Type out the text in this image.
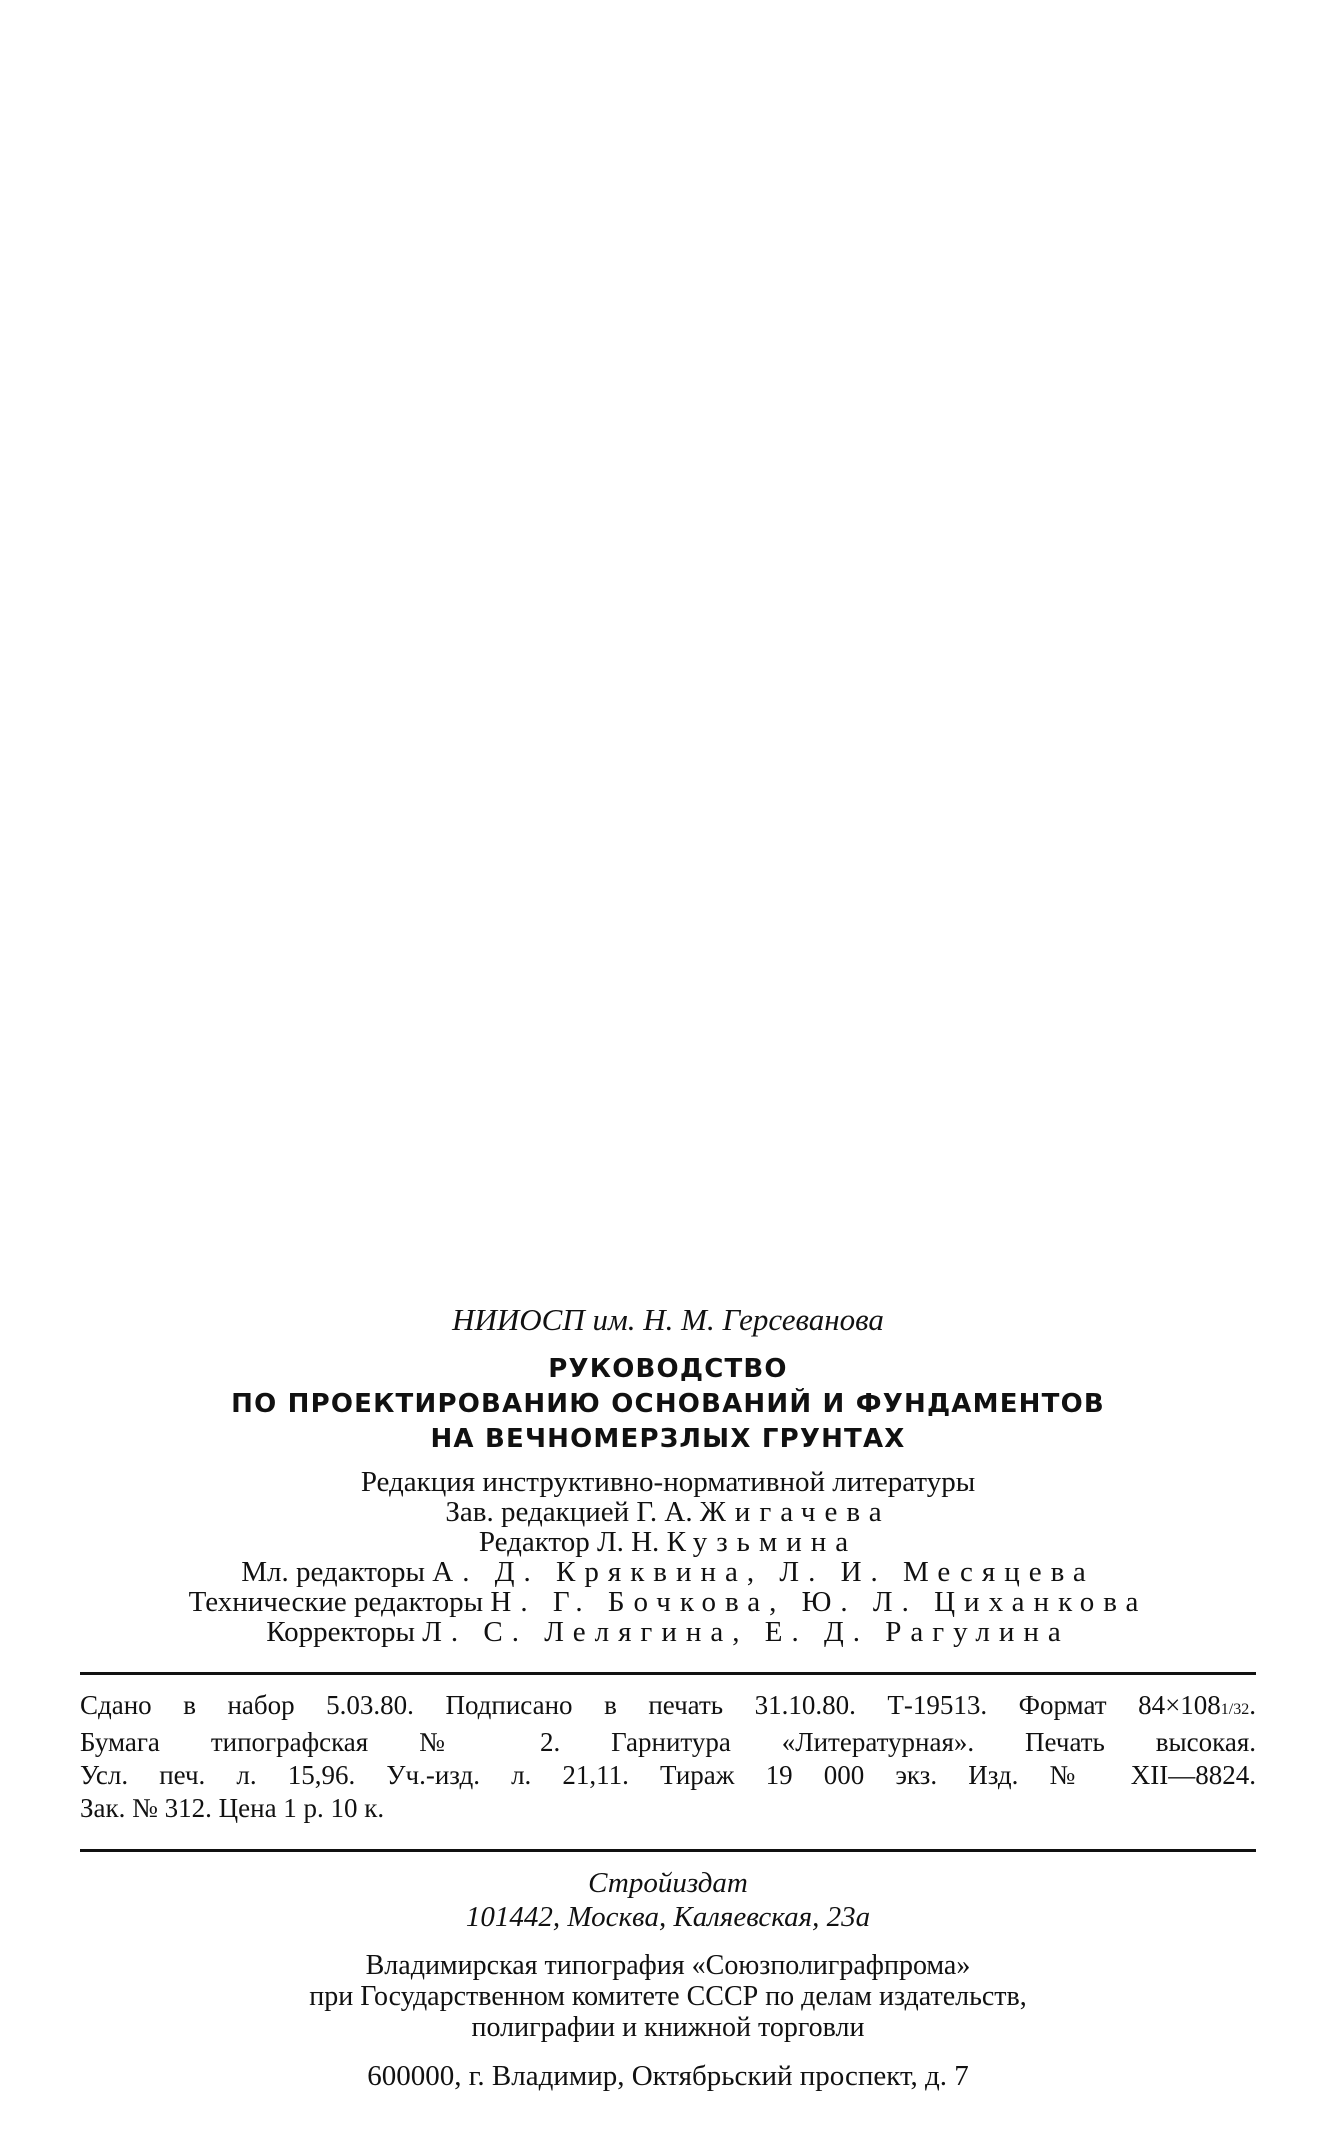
НИИОСП им. Н. М. Герсеванова
РУКОВОДСТВО
ПО ПРОЕКТИРОВАНИЮ ОСНОВАНИЙ И ФУНДАМЕНТОВ
НА ВЕЧНОМЕРЗЛЫХ ГРУНТАХ
Редакция инструктивно-нормативной литературы
Зав. редакцией Г. А. Жигачева
Редактор Л. Н. Кузьмина
Мл. редакторы А. Д. Кряквина, Л. И. Месяцева
Технические редакторы Н. Г. Бочкова, Ю. Л. Циханкова
Корректоры Л. С. Лелягина, Е. Д. Рагулина
Сдано в набор 5.03.80. Подписано в печать 31.10.80. Т-19513. Формат 84×1081/32.
Бумага типографская № 2. Гарнитура «Литературная». Печать высокая.
Усл. печ. л. 15,96. Уч.-изд. л. 21,11. Тираж 19 000 экз. Изд. № XII—8824.
Зак. № 312. Цена 1 р. 10 к.
Стройиздат
101442, Москва, Каляевская, 23а
Владимирская типография «Союзполиграфпрома»
при Государственном комитете СССР по делам издательств,
полиграфии и книжной торговли
600000, г. Владимир, Октябрьский проспект, д. 7
